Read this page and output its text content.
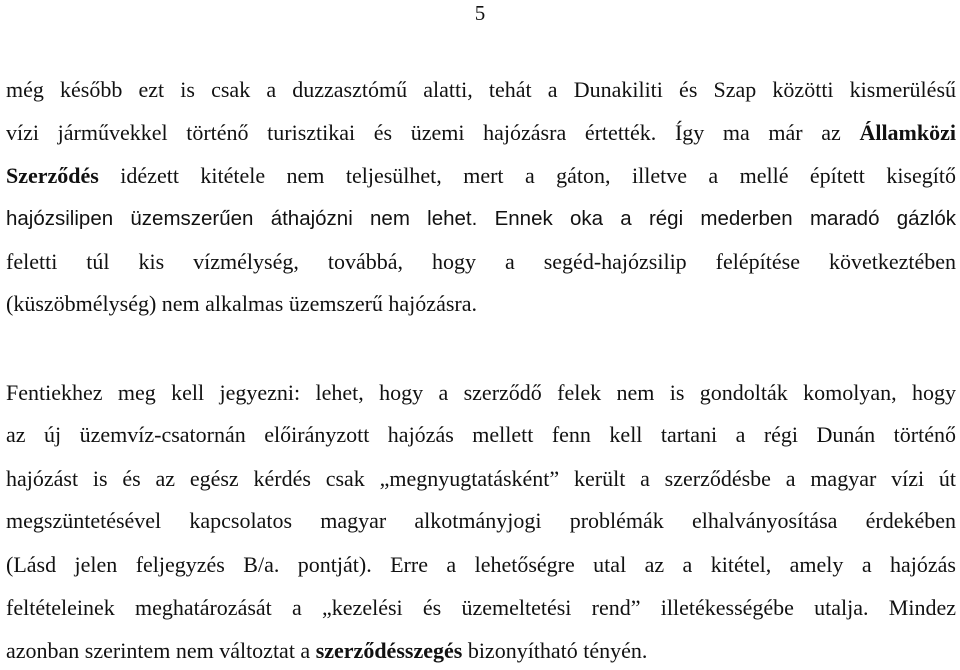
5
még később ezt is csak a duzzasztómű alatti, tehát a Dunakiliti és Szap közötti kismerülésű
vízi járművekkel történő turisztikai és üzemi hajózásra értették. Így ma már az Államközi
Szerződés idézett kitétele nem teljesülhet, mert a gáton, illetve a mellé épített kisegítő
hajózsilipen üzemszerűen áthajózni nem lehet. Ennek oka a régi mederben maradó gázlók
feletti túl kis vízmélység, továbbá, hogy a segéd-hajózsilip felépítése következtében
(küszöbmélység) nem alkalmas üzemszerű hajózásra.
Fentiekhez meg kell jegyezni: lehet, hogy a szerződő felek nem is gondolták komolyan, hogy
az új üzemvíz-csatornán előirányzott hajózás mellett fenn kell tartani a régi Dunán történő
hajózást is és az egész kérdés csak „megnyugtatásként” került a szerződésbe a magyar vízi út
megszüntetésével kapcsolatos magyar alkotmányjogi problémák elhalványosítása érdekében
(Lásd jelen feljegyzés B/a. pontját). Erre a lehetőségre utal az a kitétel, amely a hajózás
feltételeinek meghatározását a „kezelési és üzemeltetési rend” illetékességébe utalja. Mindez
azonban szerintem nem változtat a szerződésszegés bizonyítható tényén.
